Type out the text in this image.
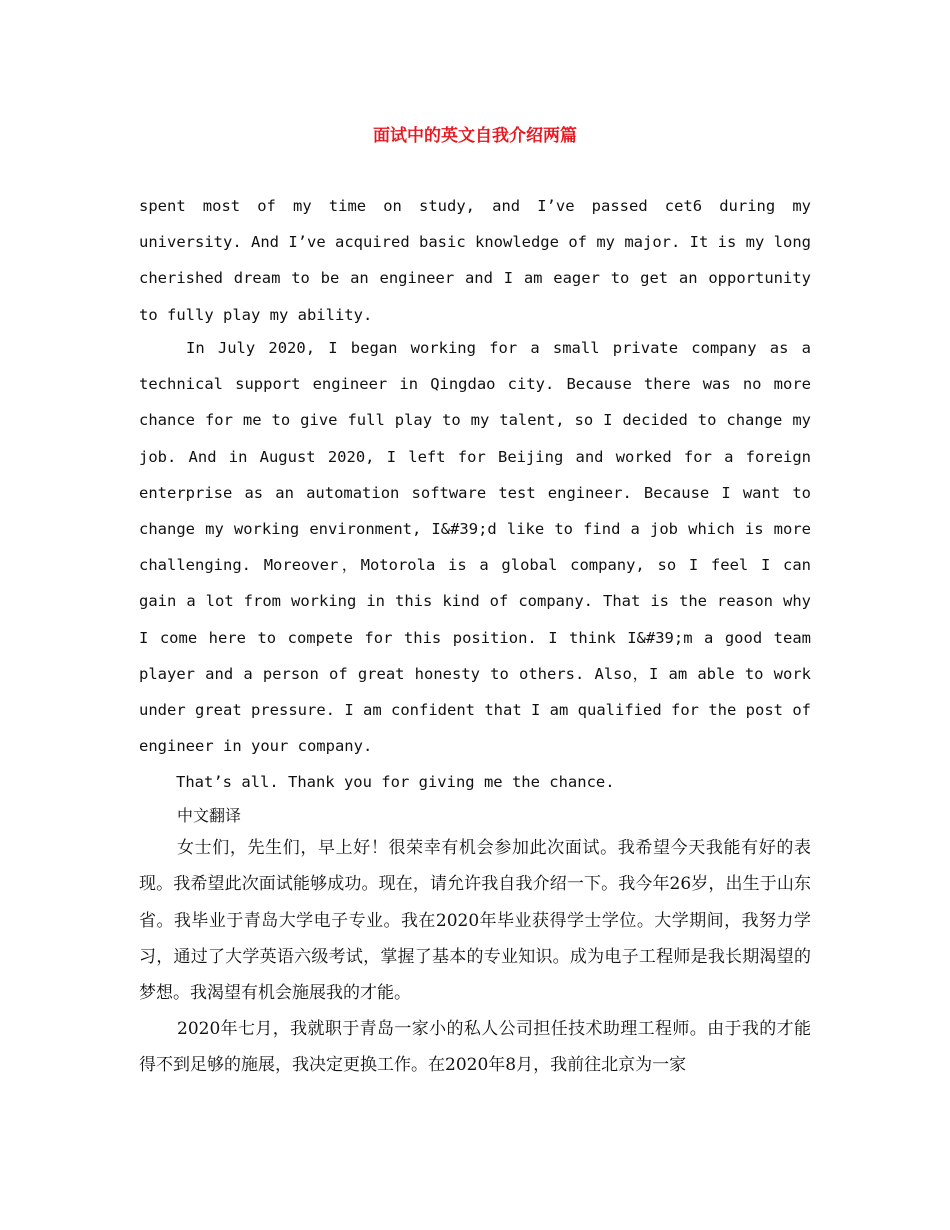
面试中的英文自我介绍两篇

spent most of my time on study, and I’ve passed cet6 during my university. And I’ve acquired basic knowledge of my major. It is my long cherished dream to be an engineer and I am eager to get an opportunity to fully play my ability.

In July 2020, I began working for a small private company as a technical support engineer in Qingdao city. Because there was no more chance for me to give full play to my talent, so I decided to change my job. And in August 2020, I left for Beijing and worked for a foreign enterprise as an automation software test engineer. Because I want to change my working environment, I&#39;d like to find a job which is more challenging. Moreover，Motorola is a global company, so I feel I can gain a lot from working in this kind of company. That is the reason why I come here to compete for this position. I think I&#39;m a good team player and a person of great honesty to others. Also，I am able to work under great pressure. I am confident that I am qualified for the post of engineer in your company.

That’s all. Thank you for giving me the chance.

中文翻译

女士们，先生们，早上好！很荣幸有机会参加此次面试。我希望今天我能有好的表现。我希望此次面试能够成功。现在，请允许我自我介绍一下。我今年26岁，出生于山东省。我毕业于青岛大学电子专业。我在2020年毕业获得学士学位。大学期间，我努力学习，通过了大学英语六级考试，掌握了基本的专业知识。成为电子工程师是我长期渴望的梦想。我渴望有机会施展我的才能。

2020年七月，我就职于青岛一家小的私人公司担任技术助理工程师。由于我的才能得不到足够的施展，我决定更换工作。在2020年8月，我前往北京为一家
